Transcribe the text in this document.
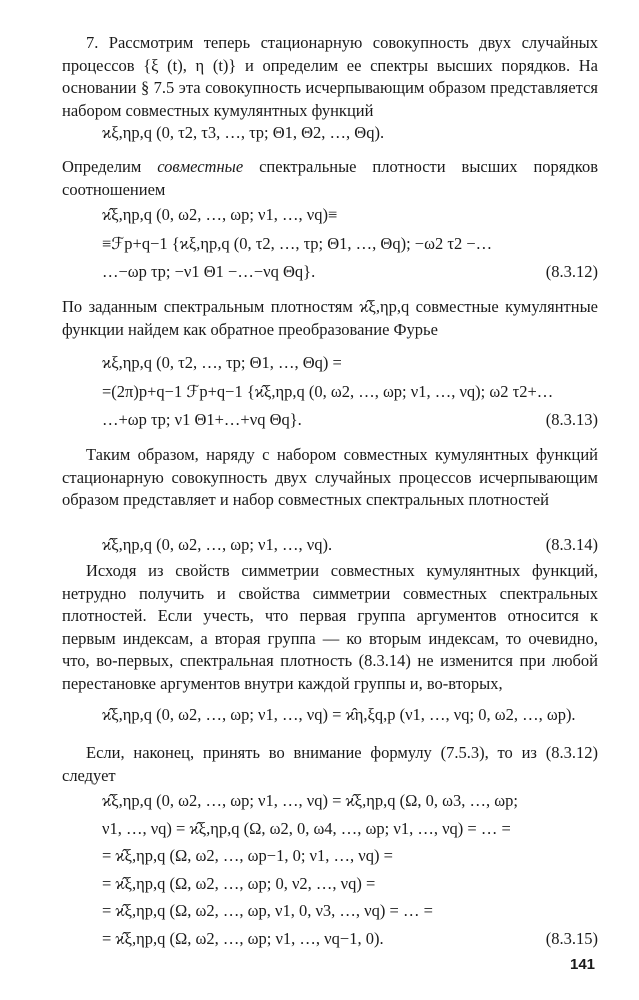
7. Рассмотрим теперь стационарную совокупность двух случайных процессов {ξ (t), η (t)} и определим ее спектры высших порядков. На основании § 7.5 эта совокупность исчерпывающим образом представляется набором совместных кумулянтных функций

ϰξ,ηp,q (0, τ2, τ3, …, τp; Θ1, Θ2, …, Θq).

Определим совместные спектральные плотности высших порядков соотношением

ϰ̂ξ,ηp,q (0, ω2, …, ωp; ν1, …, νq)≡
≡ℱp+q−1 {ϰξ,ηp,q (0, τ2, …, τp; Θ1, …, Θq); −ω2 τ2 −…
…−ωp τp; −ν1 Θ1 −…−νq Θq}.	(8.3.12)

По заданным спектральным плотностям ϰ̂ξ,ηp,q совместные кумулянтные функции найдем как обратное преобразование Фурье

ϰξ,ηp,q (0, τ2, …, τp; Θ1, …, Θq) =
=(2π)p+q−1 ℱp+q−1 {ϰ̂ξ,ηp,q (0, ω2, …, ωp; ν1, …, νq); ω2 τ2+…
…+ωp τp; ν1 Θ1+…+νq Θq}.	(8.3.13)

Таким образом, наряду с набором совместных кумулянтных функций стационарную совокупность двух случайных процессов исчерпывающим образом представляет и набор совместных спектральных плотностей

ϰ̂ξ,ηp,q (0, ω2, …, ωp; ν1, …, νq).	(8.3.14)

Исходя из свойств симметрии совместных кумулянтных функций, нетрудно получить и свойства симметрии совместных спектральных плотностей. Если учесть, что первая группа аргументов относится к первым индексам, а вторая группа — ко вторым индексам, то очевидно, что, во-первых, спектральная плотность (8.3.14) не изменится при любой перестановке аргументов внутри каждой группы и, во-вторых,

ϰ̂ξ,ηp,q (0, ω2, …, ωp; ν1, …, νq) = ϰ̂η,ξq,p (ν1, …, νq; 0, ω2, …, ωp).

Если, наконец, принять во внимание формулу (7.5.3), то из (8.3.12) следует

ϰ̂ξ,ηp,q (0, ω2, …, ωp; ν1, …, νq) = ϰ̂ξ,ηp,q (Ω, 0, ω3, …, ωp;
ν1, …, νq) = ϰ̂ξ,ηp,q (Ω, ω2, 0, ω4, …, ωp; ν1, …, νq) = … =
= ϰ̂ξ,ηp,q (Ω, ω2, …, ωp−1, 0; ν1, …, νq) =
= ϰ̂ξ,ηp,q (Ω, ω2, …, ωp; 0, ν2, …, νq) =
= ϰ̂ξ,ηp,q (Ω, ω2, …, ωp, ν1, 0, ν3, …, νq) = … =
= ϰ̂ξ,ηp,q (Ω, ω2, …, ωp; ν1, …, νq−1, 0).	(8.3.15)
141
